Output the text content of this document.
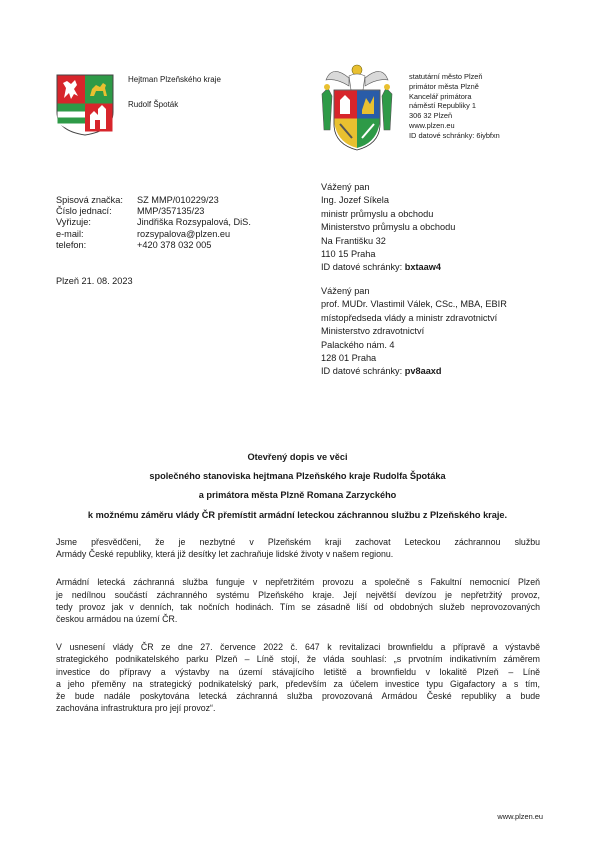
Hejtman Plzeňského kraje
Rudolf Špoták
statutární město Plzeň
primátor města Plzně
Kancelář primátora
náměstí Republiky 1
306 32 Plzeň
www.plzen.eu
ID datové schránky: 6iybfxn
Spisová značka:	SZ MMP/010229/23
Číslo jednací:	MMP/357135/23
Vyřizuje:	Jindřiška Rozsypalová, DiS.
e-mail:	rozsypalova@plzen.eu
telefon:	+420 378 032 005
Plzeň 21. 08. 2023
Vážený pan
Ing. Jozef Síkela
ministr průmyslu a obchodu
Ministerstvo průmyslu a obchodu
Na Františku 32
110 15 Praha
ID datové schránky: bxtaaw4
Vážený pan
prof. MUDr. Vlastimil Válek, CSc., MBA, EBIR
místopředseda vlády a ministr zdravotnictví
Ministerstvo zdravotnictví
Palackého nám. 4
128 01 Praha
ID datové schránky: pv8aaxd
Otevřený dopis ve věci
společného stanoviska hejtmana Plzeňského kraje Rudolfa Špotáka
a primátora města Plzně Romana Zarzyckého
k možnému záměru vlády ČR přemístit armádní leteckou záchrannou službu z Plzeňského kraje.

Jsme přesvědčeni, že je nezbytné v Plzeňském kraji zachovat Leteckou záchrannou službu

Armády České republiky, která již desítky let zachraňuje lidské životy v našem regionu.

Armádní letecká záchranná služba funguje v nepřetržitém provozu a společně s Fakultní nemocnicí Plzeň

je nedílnou součástí záchranného systému Plzeňského kraje. Její největší devízou je nepřetržitý provoz,

tedy provoz jak v denních, tak nočních hodinách. Tím se zásadně liší od obdobných služeb neprovozovaných

českou armádou na území ČR.

V usnesení vlády ČR ze dne 27. července 2022 č. 647 k revitalizaci brownfieldu a přípravě a výstavbě

strategického podnikatelského parku Plzeň – Líně stojí, že vláda souhlasí: „s prvotním indikativním záměrem

investice do přípravy a výstavby na území stávajícího letiště a brownfieldu v lokalitě Plzeň – Líně

a jeho přeměny na strategický podnikatelský park, především za účelem investice typu Gigafactory a s tím,

že bude nadále poskytována letecká záchranná služba provozovaná Armádou České republiky a bude

zachována infrastruktura pro její provoz“.

www.plzen.eu
